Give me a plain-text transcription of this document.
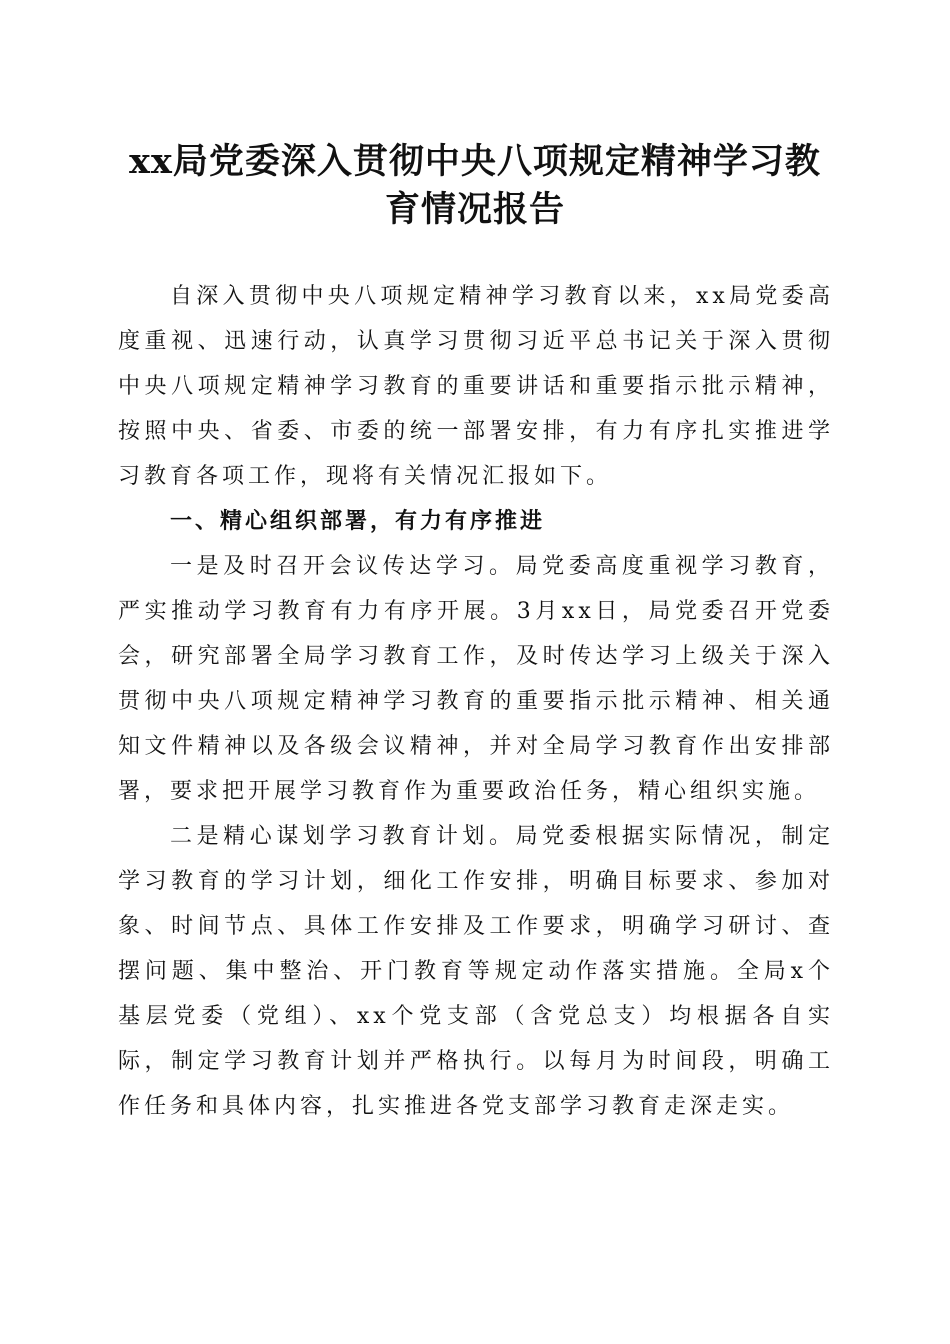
xx局党委深入贯彻中央八项规定精神学习教
育情况报告

自深入贯彻中央八项规定精神学习教育以来，xx局党委高度重视、迅速行动，认真学习贯彻习近平总书记关于深入贯彻中央八项规定精神学习教育的重要讲话和重要指示批示精神，按照中央、省委、市委的统一部署安排，有力有序扎实推进学习教育各项工作，现将有关情况汇报如下。

一、精心组织部署，有力有序推进

一是及时召开会议传达学习。局党委高度重视学习教育，严实推动学习教育有力有序开展。3月xx日，局党委召开党委会，研究部署全局学习教育工作，及时传达学习上级关于深入贯彻中央八项规定精神学习教育的重要指示批示精神、相关通知文件精神以及各级会议精神，并对全局学习教育作出安排部署，要求把开展学习教育作为重要政治任务，精心组织实施。

二是精心谋划学习教育计划。局党委根据实际情况，制定学习教育的学习计划，细化工作安排，明确目标要求、参加对象、时间节点、具体工作安排及工作要求，明确学习研讨、查摆问题、集中整治、开门教育等规定动作落实措施。全局x个基层党委（党组）、xx个党支部（含党总支）均根据各自实际，制定学习教育计划并严格执行。以每月为时间段，明确工作任务和具体内容，扎实推进各党支部学习教育走深走实。
